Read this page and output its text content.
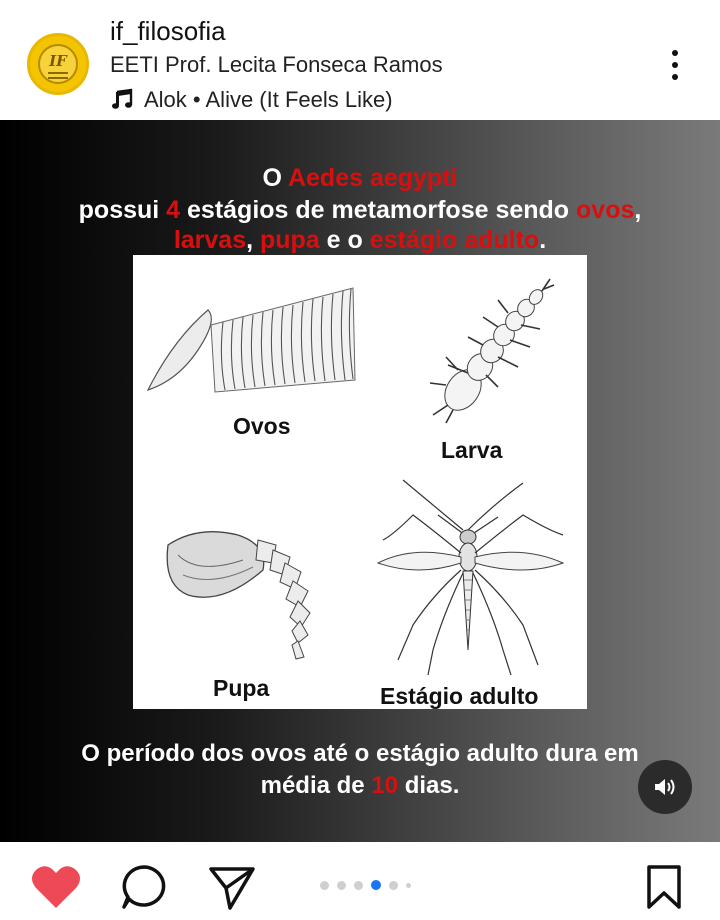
IF
if_filosofia
EETI Prof. Lecita Fonseca Ramos
Alok • Alive (It Feels Like)
O Aedes aegypti
possui 4 estágios de metamorfose sendo ovos,
larvas, pupa e o estágio adulto.
Ovos
Larva
Pupa	Estágio adulto
O período dos ovos até o estágio adulto dura em
média de 10 dias.
